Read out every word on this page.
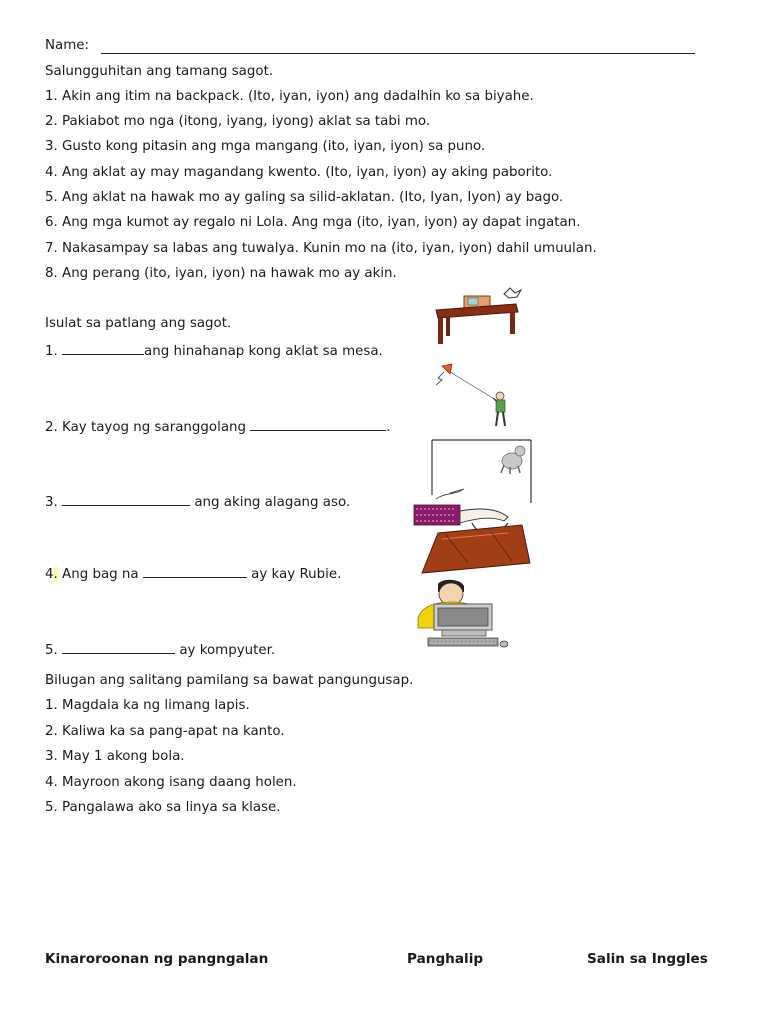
Name:
Salungguhitan ang tamang sagot.
1. Akin ang itim na backpack. (Ito, iyan, iyon) ang dadalhin ko sa biyahe.
2. Pakiabot mo nga (itong, iyang, iyong) aklat sa tabi mo.
3. Gusto kong pitasin ang mga mangang (ito, iyan, iyon) sa puno.
4. Ang aklat ay may magandang kwento. (Ito, iyan, iyon) ay aking paborito.
5. Ang aklat na hawak mo ay galing sa silid-aklatan. (Ito, Iyan, Iyon) ay bago.
6. Ang mga kumot ay regalo ni Lola. Ang mga (ito, iyan, iyon) ay dapat ingatan.
7. Nakasampay sa labas ang tuwalya. Kunin mo na (ito, iyan, iyon) dahil umuulan.
8. Ang perang (ito, iyan, iyon) na hawak mo ay akin.
Isulat sa patlang ang sagot.
1.	ang hinahanap kong aklat sa mesa.
2. Kay tayog ng saranggolang	.
3.	ang aking alagang aso.
4. Ang bag na	ay kay Rubie.
5.	ay kompyuter.
Bilugan ang salitang pamilang sa bawat pangungusap.
1. Magdala ka ng limang lapis.
2. Kaliwa ka sa pang-apat na kanto.
3. May 1 akong bola.
4. Mayroon akong isang daang holen.
5. Pangalawa ako sa linya sa klase.
Kinaroroonan ng pangngalan	Panghalip	Salin sa Inggles
